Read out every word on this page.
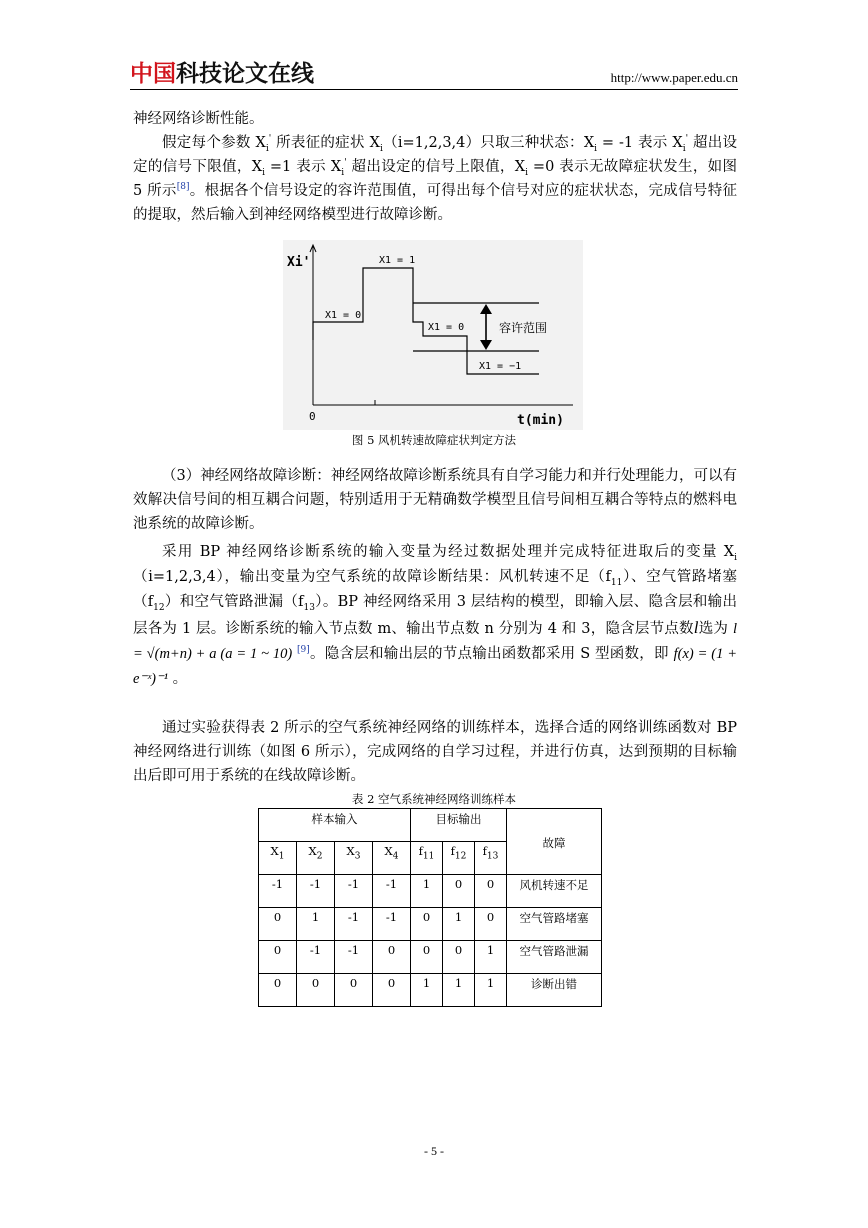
中国科技论文在线	http://www.paper.edu.cn

神经网络诊断性能。

假定每个参数 $X_i'$ 所表征的症状 $X_i(i=1,2,3,4)$只取三种状态：$X_i = -1$ 表示 $X_i'$ 超出设定的信号下限值，$X_i =1$ 表示 $X_i'$ 超出设定的信号上限值，$X_i =0$ 表示无故障症状发生，如图 5 所示[8]。根据各个信号设定的容许范围值，可得出每个信号对应的症状状态，完成信号特征的提取，然后输入到神经网络模型进行故障诊断。

Xi'
t(min)
0
X1 = 0
X1 = 1
X1 = 0
X1 = −1
容许范围
图 5 风机转速故障症状判定方法

（3）神经网络故障诊断：神经网络故障诊断系统具有自学习能力和并行处理能力，可以有效解决信号间的相互耦合问题，特别适用于无精确数学模型且信号间相互耦合等特点的燃料电池系统的故障诊断。

采用 BP 神经网络诊断系统的输入变量为经过数据处理并完成特征进取后的变量 $X_i(i=1,2,3,4)$，输出变量为空气系统的故障诊断结果：风机转速不足$(f_{11})$、空气管路堵塞$(f_{12})$和空气管路泄漏$(f_{13})$。BP 神经网络采用 3 层结构的模型，即输入层、隐含层和输出层各为 1 层。诊断系统的输入节点数 m、输出节点数 n 分别为 4 和 3，隐含层节点数l选为 l = √(m+n) + a (a = 1 ~ 10) [9]。隐含层和输出层的节点输出函数都采用 S 型函数，即 f(x) = (1 + e⁻ˣ)⁻¹ 。

通过实验获得表 2 所示的空气系统神经网络的训练样本，选择合适的网络训练函数对 BP 神经网络进行训练（如图 6 所示），完成网络的自学习过程，并进行仿真，达到预期的目标输出后即可用于系统的在线故障诊断。

表 2 空气系统神经网络训练样本
样本输入				目标输出			故障
$X_1$	$X_2$	$X_3$	$X_4$	$f_{11}$	$f_{12}$	$f_{13}$
-1	-1	-1	-1	1	0	0	风机转速不足
0	1	-1	-1	0	1	0	空气管路堵塞
0	-1	-1	0	0	0	1	空气管路泄漏
0	0	0	0	1	1	1	诊断出错
- 5 -
